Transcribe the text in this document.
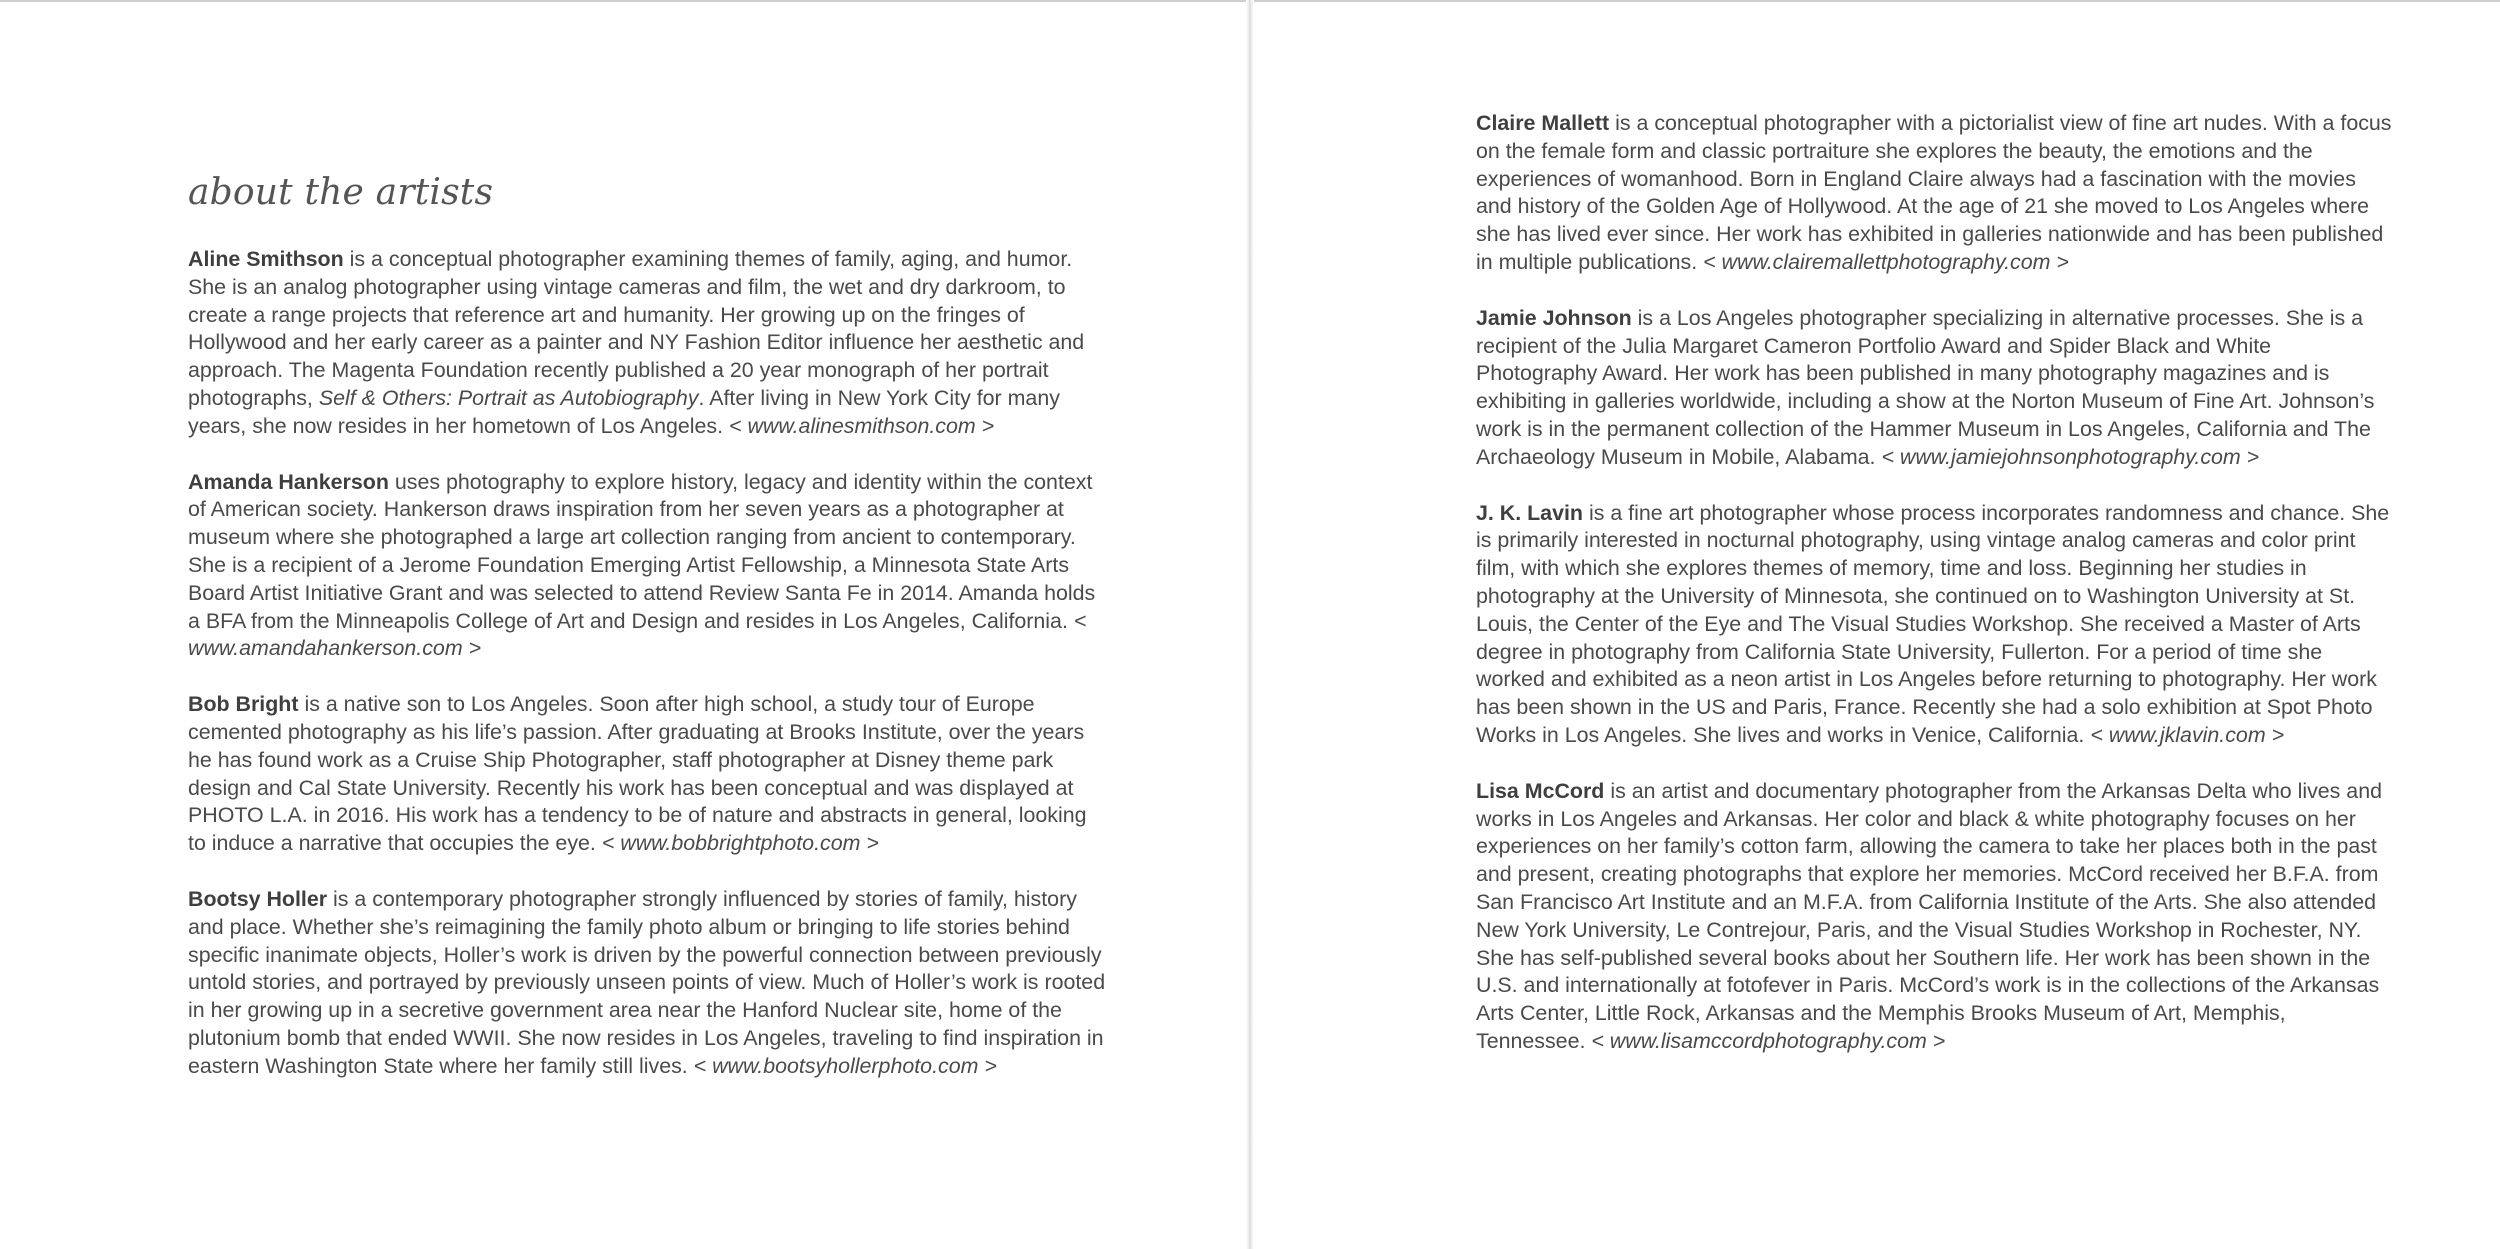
about the artists

Aline Smithson is a conceptual photographer examining themes of family, aging, and humor. She is an analog photographer using vintage cameras and film, the wet and dry darkroom, to create a range projects that reference art and humanity. Her growing up on the fringes of Hollywood and her early career as a painter and NY Fashion Editor influence her aesthetic and approach. The Magenta Foundation recently published a 20 year monograph of her portrait photographs, Self & Others: Portrait as Autobiography. After living in New York City for many years, she now resides in her hometown of Los Angeles. < www.alinesmithson.com >

Amanda Hankerson uses photography to explore history, legacy and identity within the context of American society. Hankerson draws inspiration from her seven years as a photographer at museum where she photographed a large art collection ranging from ancient to contemporary. She is a recipient of a Jerome Foundation Emerging Artist Fellowship, a Minnesota State Arts Board Artist Initiative Grant and was selected to attend Review Santa Fe in 2014. Amanda holds a BFA from the Minneapolis College of Art and Design and resides in Los Angeles, California. < www.amandahankerson.com >

Bob Bright is a native son to Los Angeles. Soon after high school, a study tour of Europe cemented photography as his life’s passion. After graduating at Brooks Institute, over the years he has found work as a Cruise Ship Photographer, staff photographer at Disney theme park design and Cal State University. Recently his work has been conceptual and was displayed at PHOTO L.A. in 2016. His work has a tendency to be of nature and abstracts in general, looking to induce a narrative that occupies the eye. < www.bobbrightphoto.com >

Bootsy Holler is a contemporary photographer strongly influenced by stories of family, history and place. Whether she’s reimagining the family photo album or bringing to life stories behind specific inanimate objects, Holler’s work is driven by the powerful connection between previously untold stories, and portrayed by previously unseen points of view. Much of Holler’s work is rooted in her growing up in a secretive government area near the Hanford Nuclear site, home of the plutonium bomb that ended WWII. She now resides in Los Angeles, traveling to find inspiration in eastern Washington State where her family still lives. < www.bootsyhollerphoto.com >

Claire Mallett is a conceptual photographer with a pictorialist view of fine art nudes. With a focus on the female form and classic portraiture she explores the beauty, the emotions and the experiences of womanhood. Born in England Claire always had a fascination with the movies and history of the Golden Age of Hollywood. At the age of 21 she moved to Los Angeles where she has lived ever since. Her work has exhibited in galleries nationwide and has been published in multiple publications. < www.clairemallettphotography.com >

Jamie Johnson is a Los Angeles photographer specializing in alternative processes. She is a recipient of the Julia Margaret Cameron Portfolio Award and Spider Black and White Photography Award. Her work has been published in many photography magazines and is exhibiting in galleries worldwide, including a show at the Norton Museum of Fine Art. Johnson’s work is in the permanent collection of the Hammer Museum in Los Angeles, California and The Archaeology Museum in Mobile, Alabama. < www.jamiejohnsonphotography.com >

J. K. Lavin is a fine art photographer whose process incorporates randomness and chance. She is primarily interested in nocturnal photography, using vintage analog cameras and color print film, with which she explores themes of memory, time and loss. Beginning her studies in photography at the University of Minnesota, she continued on to Washington University at St. Louis, the Center of the Eye and The Visual Studies Workshop. She received a Master of Arts degree in photography from California State University, Fullerton. For a period of time she worked and exhibited as a neon artist in Los Angeles before returning to photography. Her work has been shown in the US and Paris, France. Recently she had a solo exhibition at Spot Photo Works in Los Angeles. She lives and works in Venice, California. < www.jklavin.com >

Lisa McCord is an artist and documentary photographer from the Arkansas Delta who lives and works in Los Angeles and Arkansas. Her color and black & white photography focuses on her experiences on her family’s cotton farm, allowing the camera to take her places both in the past and present, creating photographs that explore her memories. McCord received her B.F.A. from San Francisco Art Institute and an M.F.A. from California Institute of the Arts. She also attended New York University, Le Contrejour, Paris, and the Visual Studies Workshop in Rochester, NY. She has self-published several books about her Southern life. Her work has been shown in the U.S. and internationally at fotofever in Paris. McCord’s work is in the collections of the Arkansas Arts Center, Little Rock, Arkansas and the Memphis Brooks Museum of Art, Memphis, Tennessee. < www.lisamccordphotography.com >
